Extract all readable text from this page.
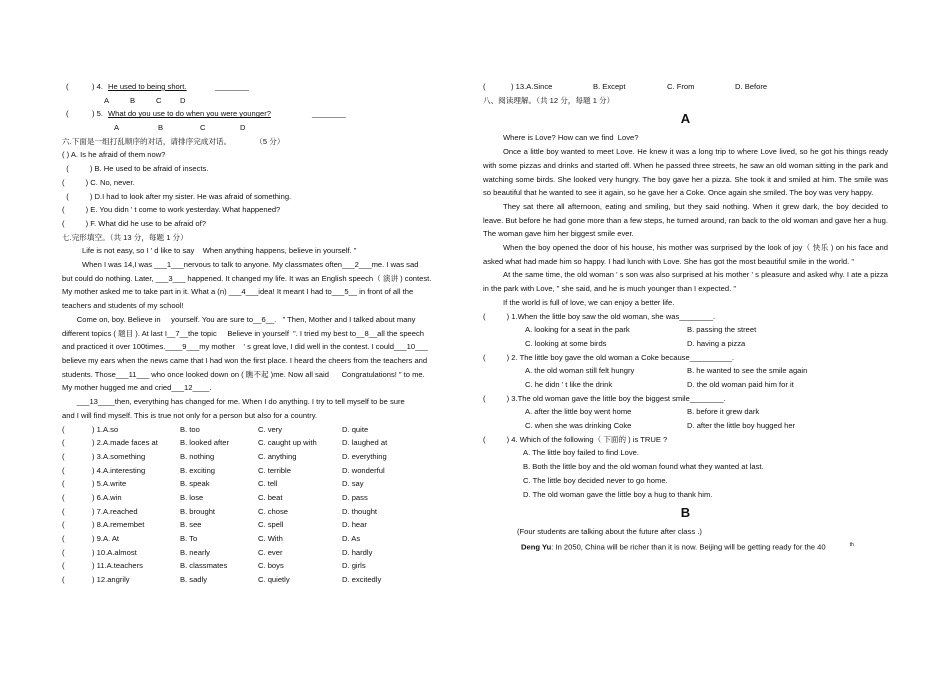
(	) 4. He used to being short.	________
A	B	C D
(	) 5. What do you use to do when you were younger?	________
A	B	C	D
六.下面是一组打乱顺序的对话，请排序完成对话。	（5 分）
( ) A. Is he afraid of them now?
(          ) B. He used to be afraid of insects.
(          ) C. No, never.
(          ) D.I had to look after my sister. He was afraid of something.
(          ) E. You didn ' t come to work yesterday. What happened?
(          ) F. What did he use to be afraid of?
七.完形填空。（共 13 分，每题 1 分）
Life is not easy, so I ' d like to say    When anything happens, believe in yourself. ”
When I was 14,I was ___1___nervous to talk to anyone. My classmates often___2___me. I was sad
but could do nothing. Later, ___3___ happened. It changed my life. It was an English speech（ 演讲 ) contest.
My mother asked me to take part in it. What a (n) ___4___idea! It meant I had to___5__ in front of all the
teachers and students of my school!
Come on, boy. Believe in     yourself. You are sure to__6__.   ” Then, Mother and I talked about many
different topics ( 题目 ). At last I__7__the topic     Believe in yourself  ”. I tried my best to__8__all the speech
and practiced it over 100times.____9___my mother    ' s great love, I did well in the contest. I could___10___
believe my ears when the news came that I had won the first place. I heard the cheers from the teachers and
students. Those___11___ who once looked down on ( 瞧不起 )me. Now all said      Congratulations! ” to me.
My mother hugged me and cried___12____.
___13____then, everything has changed for me. When I do anything. I try to tell myself to be sure
and I will find myself. This is true not only for a person but also for a country.
(	) 1.A.so	B. too	C. very	D. quite
(	) 2.A.made faces at	B. looked after	C. caught up with	D. laughed at
(	) 3.A.something	B. nothing	C. anything	D. everything
(	) 4.A.interesting	B. exciting	C. terrible	D. wonderful
(	) 5.A.write	B. speak	C. tell	D. say
(	) 6.A.win	B. lose	C. beat	D. pass
(	) 7.A.reached	B. brought	C. chose	D. thought
(	) 8.A.remembet	B. see	C. spell	D. hear
(	) 9.A. At	B. To	C. With	D. As
(	) 10.A.almost	B. nearly	C. ever	D. hardly
(	) 11.A.teachers	B. classmates	C. boys	D. girls
(	) 12.angrily	B. sadly	C. quietly	D. excitedly
(	) 13.A.Since	B. Except	C. From	D. Before
八、阅读理解。（共 12 分，每题 1 分）
A
Where is Love? How can we find  Love?
Once a little boy wanted to meet Love. He knew it was a long trip to where Love lived, so he got his things ready with some pizzas and drinks and started off. When he passed three streets, he saw an old woman sitting in the park and watching some birds. She looked very hungry. The boy gave her a pizza. She took it and smiled at him. The smile was so beautiful that he wanted to see it again, so he gave her a Coke. Once again she smiled. The boy was very happy.
They sat there all afternoon, eating and smiling, but they said nothing. When it grew dark, the boy decided to leave. But before he had gone more than a few steps, he turned around, ran back to the old woman and gave her a hug. The woman gave him her biggest smile ever.
When the boy opened the door of his house, his mother was surprised by the look of joy（ 快乐 ) on his face and asked what had made him so happy. I had lunch with Love. She has got the most beautiful smile in the world. ”
At the same time, the old woman ' s son was also surprised at his mother ' s pleasure and asked why. I ate a pizza in the park with Love, ” she said, and he is much younger than I expected. ”
If the world is full of love, we can enjoy a better life.
(          ) 1.When the little boy saw the old woman, she was________.
A. looking for a seat in the park	B. passing the street
C. looking at some birds	D. having a pizza
(          ) 2. The little boy gave the old woman a Coke because__________.
A. the old woman still felt hungry	B. he wanted to see the smile again
C. he didn ' t like the drink	D. the old woman paid him for it
(          ) 3.The old woman gave the little boy the biggest smile________.
A. after the little boy went home	B. before it grew dark
C. when she was drinking Coke	D. after the little boy hugged her
(          ) 4. Which of the following（ 下面的 ) is TRUE ?
A. The little boy failed to find Love.
B. Both the little boy and the old woman found what they wanted at last.
C. The little boy decided never to go home.
D. The old woman gave the little boy a hug to thank him.
B
(Four students are talking about the future after class .)
Deng Yu: In 2050, China will be richer than it is now. Beijing will be getting ready for the 40	$^{th}$
